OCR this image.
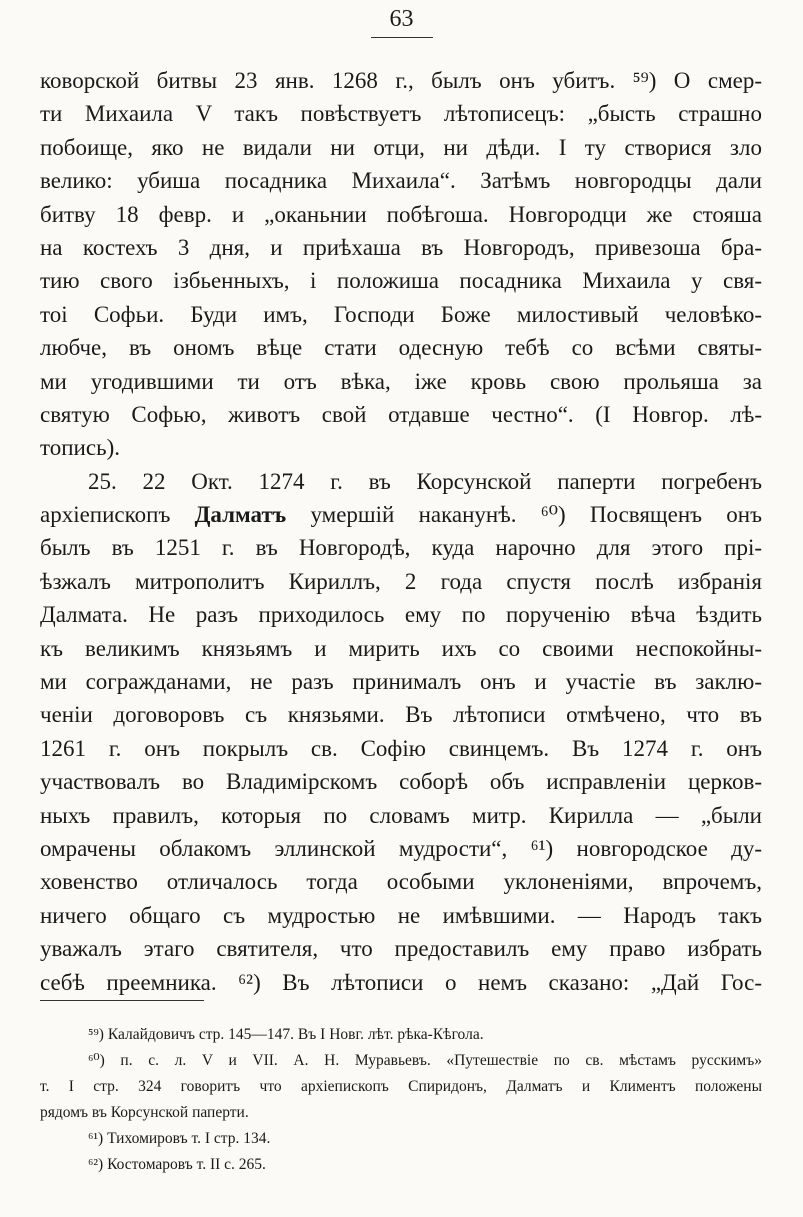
63
коворской битвы 23 янв. 1268 г., былъ онъ убитъ. ⁵⁹) О смер-
ти Михаила V такъ повѣствуетъ лѣтописецъ: „бысть страшно
побоище, яко не видали ни отци, ни дѣди. І ту створися зло
велико: убиша посадника Михаила“. Затѣмъ новгородцы дали
битву 18 февр. и „оканьнии побѣгоша. Новгородци же стояша
на костехъ 3 дня, и приѣхаша въ Новгородъ, привезоша бра-
тию свого ізбьенныхъ, і положиша посадника Михаила у свя-
тоі Софьи. Буди имъ, Господи Боже милостивый человѣко-
любче, въ ономъ вѣце стати одесную тебѣ со всѣми святы-
ми угодившими ти отъ вѣка, іже кровь свою прольяша за
святую Софью, животъ свой отдавше честно“. (І Новгор. лѣ-
топись).
25. 22 Окт. 1274 г. въ Корсунской паперти погребенъ
архіепископъ Далматъ умершій наканунѣ. ⁶⁰) Посвященъ онъ
былъ въ 1251 г. въ Новгородѣ, куда нарочно для этого прі-
ѣзжалъ митрополитъ Кириллъ, 2 года спустя послѣ избранія
Далмата. Не разъ приходилось ему по порученію вѣча ѣздить
къ великимъ князьямъ и мирить ихъ со своими неспокойны-
ми согражданами, не разъ принималъ онъ и участіе въ заклю-
ченіи договоровъ съ князьями. Въ лѣтописи отмѣчено, что въ
1261 г. онъ покрылъ св. Софію свинцемъ. Въ 1274 г. онъ
участвовалъ во Владимірскомъ соборѣ объ исправленіи церков-
ныхъ правилъ, которыя по словамъ митр. Кирилла — „были
омрачены облакомъ эллинской мудрости“, ⁶¹) новгородское ду-
ховенство отличалось тогда особыми уклоненіями, впрочемъ,
ничего общаго съ мудростью не имѣвшими. — Народъ такъ
уважалъ этаго святителя, что предоставилъ ему право избрать
себѣ преемника. ⁶²) Въ лѣтописи о немъ сказано: „Дай Гос-
⁵⁹) Калайдовичъ стр. 145—147. Въ І Новг. лѣт. рѣка-Кѣгола.
⁶⁰) п. с. л. V и VII. А. Н. Муравьевъ. «Путешествіе по св. мѣстамъ русскимъ»
т. І стр. 324 говоритъ что архіепископъ Спиридонъ, Далматъ и Климентъ положены
рядомъ въ Корсунской паперти.
⁶¹) Тихомировъ т. І стр. 134.
⁶²) Костомаровъ т. II с. 265.
